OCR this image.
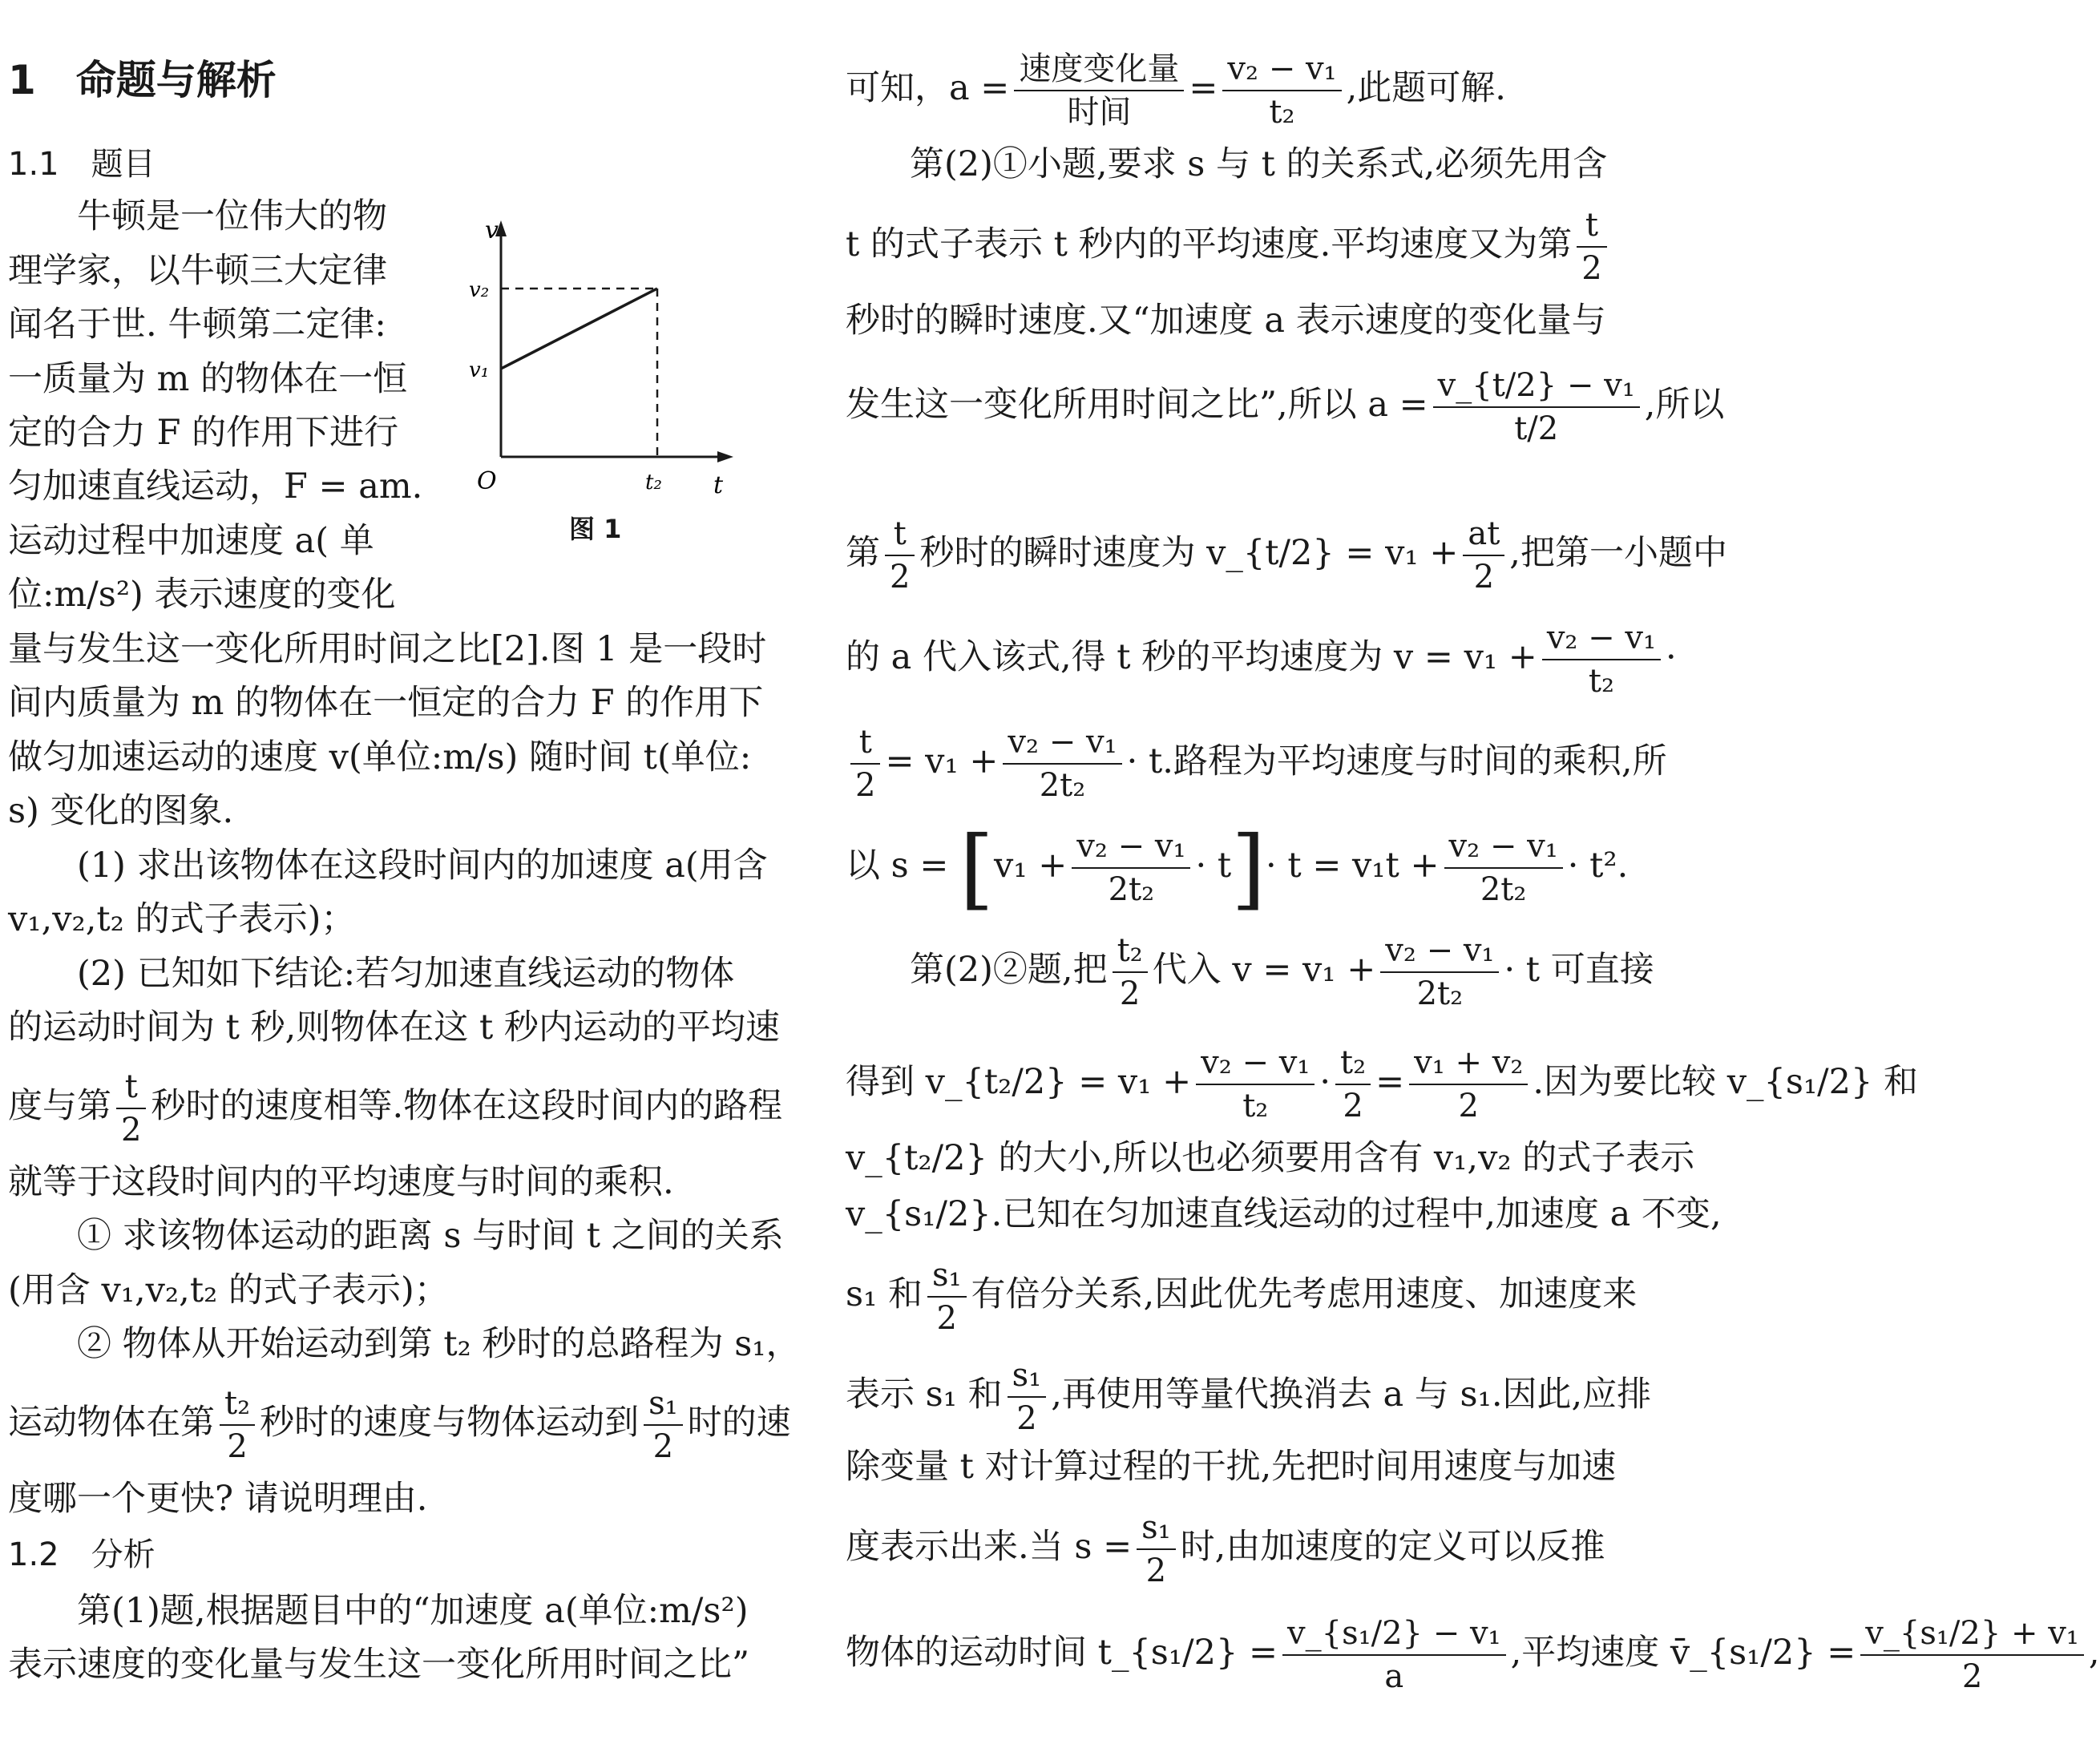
1　命题与解析
1.1　题目
牛顿是一位伟大的物
理学家，以牛顿三大定律
闻名于世. 牛顿第二定律:
一质量为 m 的物体在一恒
定的合力 F 的作用下进行
匀加速直线运动，F = am.
运动过程中加速度 a( 单
位:m/s²) 表示速度的变化
量与发生这一变化所用时间之比[2].图 1 是一段时
间内质量为 m 的物体在一恒定的合力 F 的作用下
做匀加速运动的速度 v(单位:m/s) 随时间 t(单位:
s) 变化的图象.
(1) 求出该物体在这段时间内的加速度 a(用含
v₁,v₂,t₂ 的式子表示)；
(2) 已知如下结论:若匀加速直线运动的物体
的运动时间为 t 秒,则物体在这 t 秒内运动的平均速
度与第 $\frac{t}{2}$ 秒时的速度相等.物体在这段时间内的路程
就等于这段时间内的平均速度与时间的乘积.
① 求该物体运动的距离 s 与时间 t 之间的关系
(用含 v₁,v₂,t₂ 的式子表示)；
② 物体从开始运动到第 t₂ 秒时的总路程为 s₁，
运动物体在第 $\frac{\text{t₂}}{2}$ 秒时的速度与物体运动到 $\frac{\text{s₁}}{2}$ 时的速
度哪一个更快? 请说明理由.
1.2　分析
第(1)题,根据题目中的“加速度 a(单位:m/s²)
表示速度的变化量与发生这一变化所用时间之比”
v
t
O
v₂
v₁
t₂
图 1
可知，$a = \frac{\text{速度变化量}}{\text{时间}} = \frac{\text{v₂ − v₁}}{\text{t₂}}$ ,此题可解.
第(2)①小题,要求 s 与 t 的关系式,必须先用含
t 的式子表示 t 秒内的平均速度.平均速度又为第 $\frac{t}{2}$
秒时的瞬时速度.又“加速度 a 表示速度的变化量与
发生这一变化所用时间之比”,所以 $a = \frac{\text{v\_\{t/2\} − v₁}}{t/2}$ ,所以
第 $\frac{t}{2}$ 秒时的瞬时速度为 v_{t/2} = $v_1 + \frac{at}{2}$ ,把第一小题中
的 a 代入该式,得 t 秒的平均速度为 $v = v_1 + \frac{\text{v₂ − v₁}}{\text{t₂}}$ ·
$\frac{t}{2} = v_1 + \frac{\text{v₂ − v₁}}{\text{2t₂}} \cdot t$.路程为平均速度与时间的乘积,所
以 $s = [v_1 + \frac{\text{v₂ − v₁}}{\text{2t₂}} \cdot t]\cdot t = v_1t + \frac{\text{v₂ − v₁}}{\text{2t₂}} \cdot t^2$.
第(2)②题,把 $\frac{\text{t₂}}{2}$ 代入 $v = v_1 + \frac{\text{v₂ − v₁}}{\text{2t₂}} \cdot t$ 可直接
得到 v_{t₂/2} = $v_1 + \frac{\text{v₂ − v₁}}{\text{t₂}} \cdot \frac{\text{t₂}}{2} = \frac{\text{v₁ + v₂}}{2}$ .因为要比较 v_{s₁/2} 和
v_{t₂/2} 的大小,所以也必须要用含有 v₁,v₂ 的式子表示
v_{s₁/2}.已知在匀加速直线运动的过程中,加速度 a 不变,
s₁ 和 $\frac{\text{s₁}}{2}$ 有倍分关系,因此优先考虑用速度、加速度来
表示 s₁ 和 $\frac{\text{s₁}}{2}$ ,再使用等量代换消去 a 与 s₁.因此,应排
除变量 t 对计算过程的干扰,先把时间用速度与加速
度表示出来.当 $s = \frac{\text{s₁}}{2}$ 时,由加速度的定义可以反推
物体的运动时间 t_{s₁/2} = $\frac{\text{v\_\{s₁/2\} − v₁}}{a}$ ,平均速度 v̄_{s₁/2} = $\frac{\text{v\_\{s₁/2\} + v₁}}{2}$ ,
